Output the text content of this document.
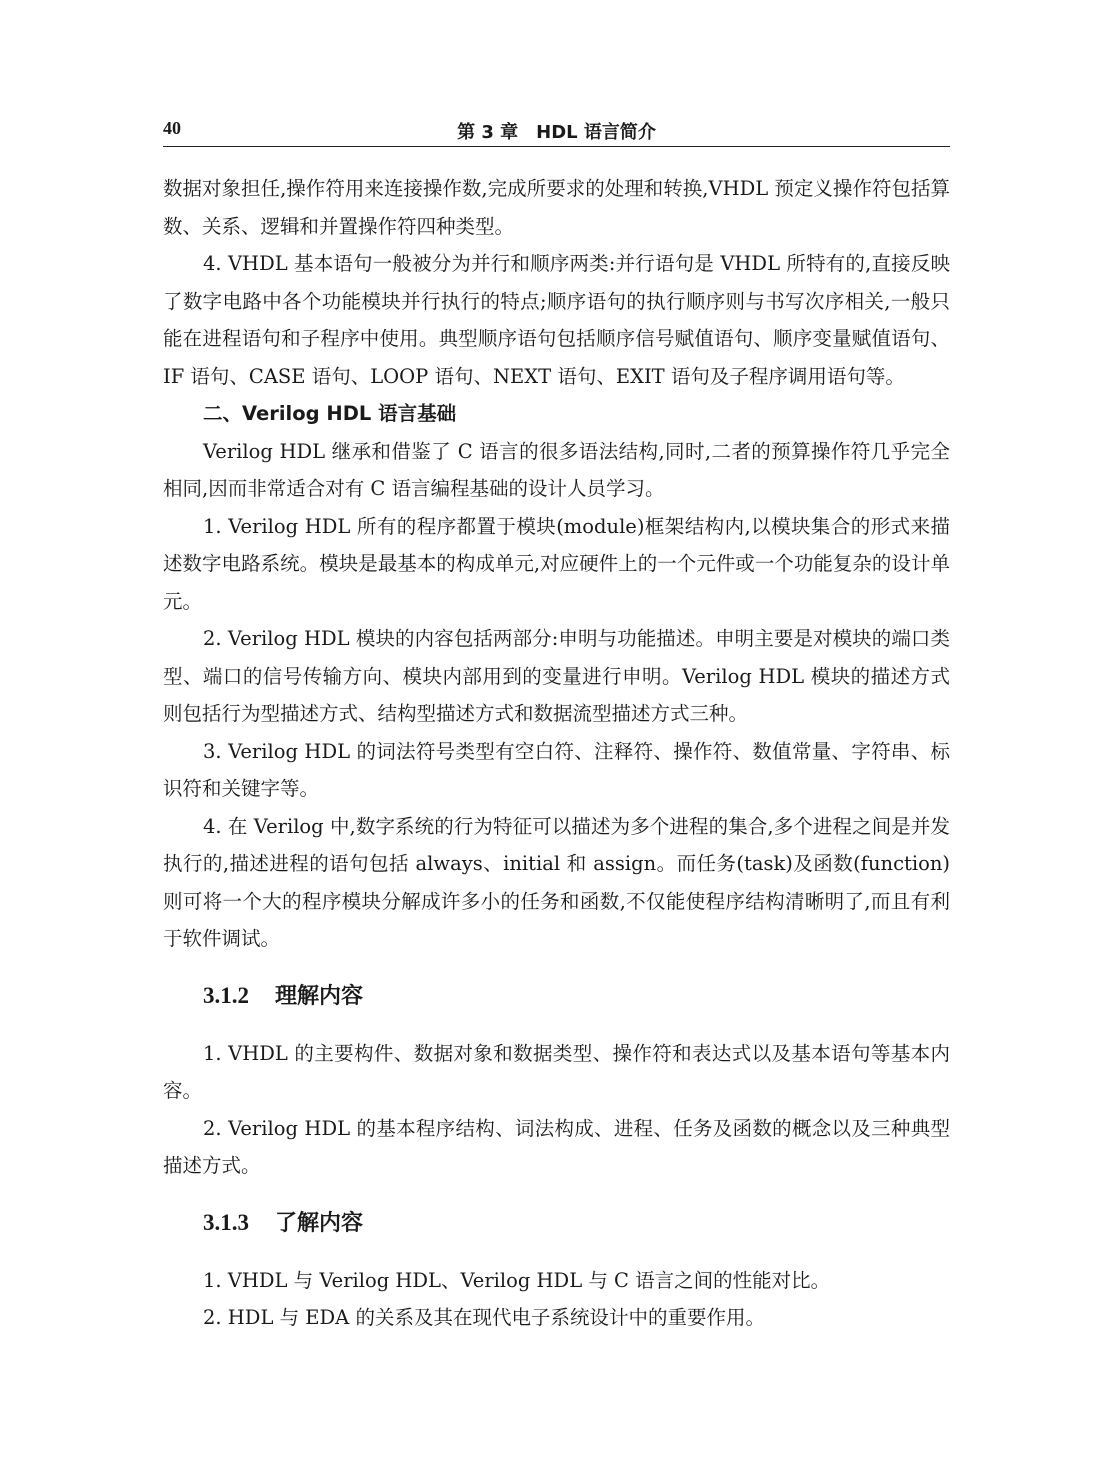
40	第 3 章　HDL 语言简介

数据对象担任,操作符用来连接操作数,完成所要求的处理和转换,VHDL 预定义操作符包括算数、关系、逻辑和并置操作符四种类型。

4. VHDL 基本语句一般被分为并行和顺序两类:并行语句是 VHDL 所特有的,直接反映了数字电路中各个功能模块并行执行的特点;顺序语句的执行顺序则与书写次序相关,一般只能在进程语句和子程序中使用。典型顺序语句包括顺序信号赋值语句、顺序变量赋值语句、IF 语句、CASE 语句、LOOP 语句、NEXT 语句、EXIT 语句及子程序调用语句等。

二、Verilog HDL 语言基础

Verilog HDL 继承和借鉴了 C 语言的很多语法结构,同时,二者的预算操作符几乎完全相同,因而非常适合对有 C 语言编程基础的设计人员学习。

1. Verilog HDL 所有的程序都置于模块(module)框架结构内,以模块集合的形式来描述数字电路系统。模块是最基本的构成单元,对应硬件上的一个元件或一个功能复杂的设计单元。

2. Verilog HDL 模块的内容包括两部分:申明与功能描述。申明主要是对模块的端口类型、端口的信号传输方向、模块内部用到的变量进行申明。Verilog HDL 模块的描述方式则包括行为型描述方式、结构型描述方式和数据流型描述方式三种。

3. Verilog HDL 的词法符号类型有空白符、注释符、操作符、数值常量、字符串、标识符和关键字等。

4. 在 Verilog 中,数字系统的行为特征可以描述为多个进程的集合,多个进程之间是并发执行的,描述进程的语句包括 always、initial 和 assign。而任务(task)及函数(function)则可将一个大的程序模块分解成许多小的任务和函数,不仅能使程序结构清晰明了,而且有利于软件调试。

3.1.2 理解内容

1. VHDL 的主要构件、数据对象和数据类型、操作符和表达式以及基本语句等基本内容。

2. Verilog HDL 的基本程序结构、词法构成、进程、任务及函数的概念以及三种典型描述方式。

3.1.3 了解内容

1. VHDL 与 Verilog HDL、Verilog HDL 与 C 语言之间的性能对比。

2. HDL 与 EDA 的关系及其在现代电子系统设计中的重要作用。
